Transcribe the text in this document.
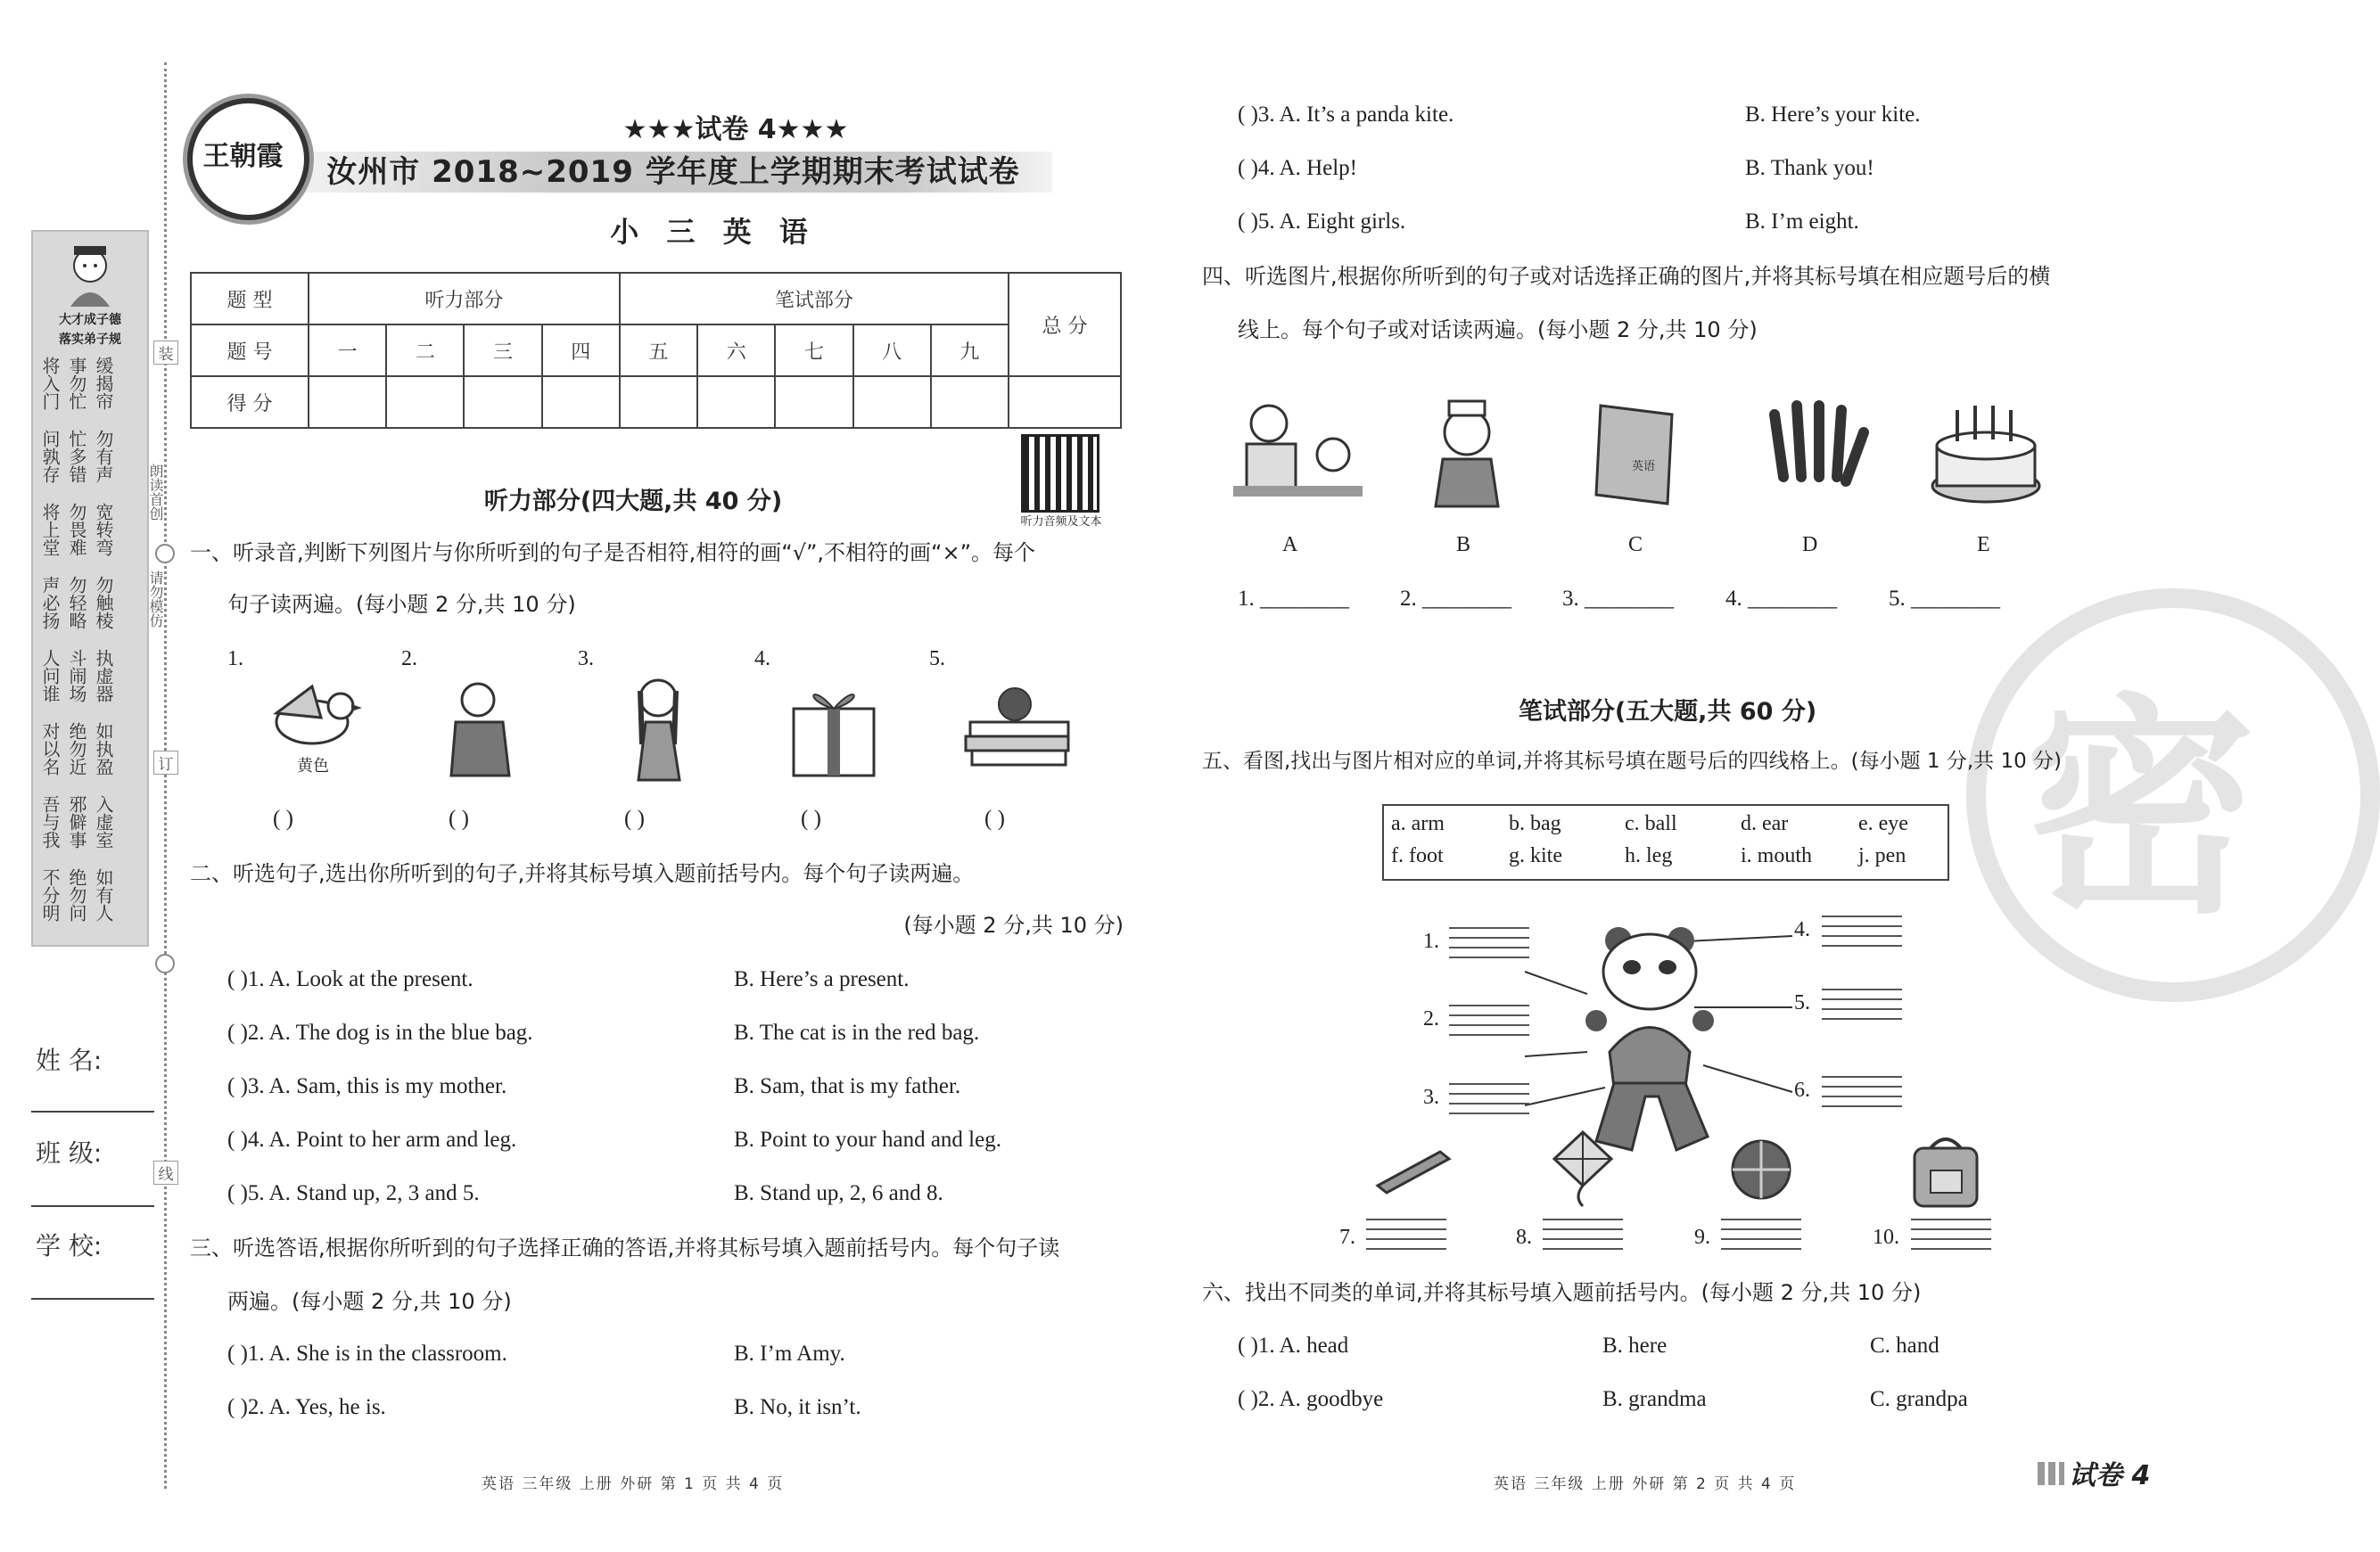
大才成子德
落实弟子规
将入门 事勿忙 缓揭帘
问孰存 忙多错 勿有声
将上堂 勿畏难 宽转弯
声必扬 勿轻略 勿触棱
人问谁 斗闹场 执虚器
对以名 绝勿近 如执盈
吾与我 邪僻事 入虚室
不分明 绝勿问 如有人
装
订
线
朗读首创
请勿模仿
姓 名:
班 级:
学 校:
王朝霞
★★★试卷 4★★★
汝州市 2018~2019 学年度上学期期末考试试卷
小 三 英 语
题 型	听力部分				笔试部分					总 分
题 号	一	二	三	四	五	六	七	八	九	
得 分										
听力音频及文本
听力部分(四大题,共 40 分)
一、听录音,判断下列图片与你所听到的句子是否相符,相符的画“√”,不相符的画“×”。每个
句子读两遍。(每小题 2 分,共 10 分)
1.	2.	3.	4.	5.
黄色
( )	( )	( )	( )	( )
二、听选句子,选出你所听到的句子,并将其标号填入题前括号内。每个句子读两遍。
(每小题 2 分,共 10 分)
( )1. A. Look at the present.	B. Here’s a present.
( )2. A. The dog is in the blue bag.	B. The cat is in the red bag.
( )3. A. Sam, this is my mother.	B. Sam, that is my father.
( )4. A. Point to her arm and leg.	B. Point to your hand and leg.
( )5. A. Stand up, 2, 3 and 5.	B. Stand up, 2, 6 and 8.
三、听选答语,根据你所听到的句子选择正确的答语,并将其标号填入题前括号内。每个句子读
两遍。(每小题 2 分,共 10 分)
( )1. A. She is in the classroom.	B. I’m Amy.
( )2. A. Yes, he is.	B. No, it isn’t.
英语 三年级 上册 外研 第 1 页 共 4 页
密
( )3. A. It’s a panda kite.	B. Here’s your kite.
( )4. A. Help!	B. Thank you!
( )5. A. Eight girls.	B. I’m eight.
四、听选图片,根据你所听到的句子或对话选择正确的图片,并将其标号填在相应题号后的横
线上。每个句子或对话读两遍。(每小题 2 分,共 10 分)
英语
A	B	C	D	E
1. ________ 2. ________ 3. ________ 4. ________ 5. ________
笔试部分(五大题,共 60 分)
五、看图,找出与图片相对应的单词,并将其标号填在题号后的四线格上。(每小题 1 分,共 10 分)
a. arm	b. bag	c. ball	d. ear	e. eye
f. foot	g. kite	h. leg	i. mouth j. pen
1.
2.
3.
4.
5.
6.
7.	8.	9.	10.
六、找出不同类的单词,并将其标号填入题前括号内。(每小题 2 分,共 10 分)
( )1. A. head	B. here	C. hand
( )2. A. goodbye	B. grandma	C. grandpa
英语 三年级 上册 外研 第 2 页 共 4 页	试卷 4
